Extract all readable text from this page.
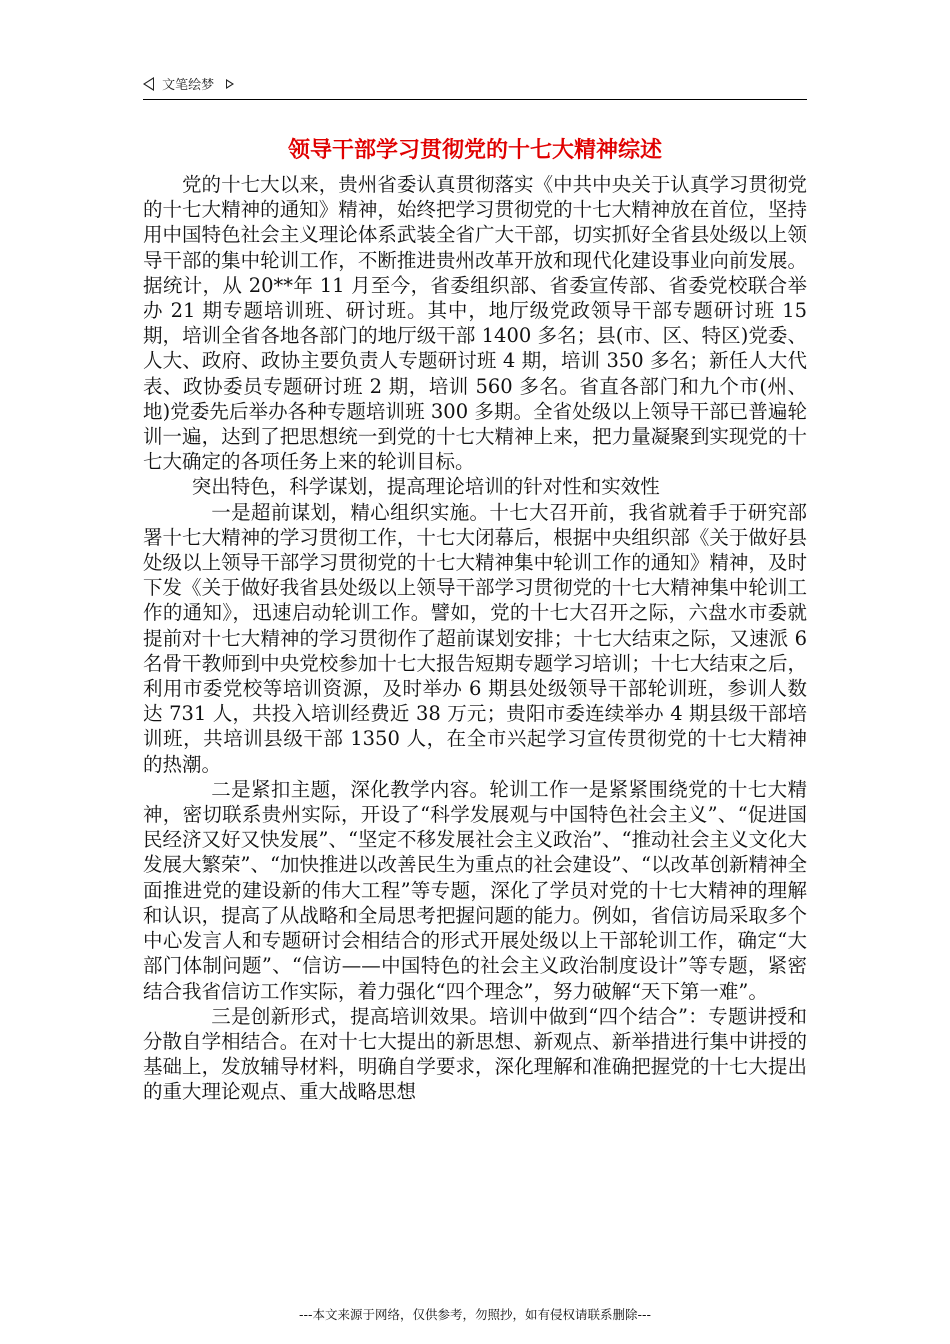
文笔绘梦
领导干部学习贯彻党的十七大精神综述

党的十七大以来，贵州省委认真贯彻落实《中共中央关于认真学习贯彻党的十七大精神的通知》精神，始终把学习贯彻党的十七大精神放在首位，坚持用中国特色社会主义理论体系武装全省广大干部，切实抓好全省县处级以上领导干部的集中轮训工作，不断推进贵州改革开放和现代化建设事业向前发展。据统计，从 20**年 11 月至今，省委组织部、省委宣传部、省委党校联合举办 21 期专题培训班、研讨班。其中，地厅级党政领导干部专题研讨班 15 期，培训全省各地各部门的地厅级干部 1400 多名；县(市、区、特区)党委、人大、政府、政协主要负责人专题研讨班 4 期，培训 350 多名；新任人大代表、政协委员专题研讨班 2 期，培训 560 多名。省直各部门和九个市(州、地)党委先后举办各种专题培训班 300 多期。全省处级以上领导干部已普遍轮训一遍，达到了把思想统一到党的十七大精神上来，把力量凝聚到实现党的十七大确定的各项任务上来的轮训目标。

突出特色，科学谋划，提高理论培训的针对性和实效性

一是超前谋划，精心组织实施。十七大召开前，我省就着手于研究部署十七大精神的学习贯彻工作，十七大闭幕后，根据中央组织部《关于做好县处级以上领导干部学习贯彻党的十七大精神集中轮训工作的通知》精神，及时下发《关于做好我省县处级以上领导干部学习贯彻党的十七大精神集中轮训工作的通知》，迅速启动轮训工作。譬如，党的十七大召开之际，六盘水市委就提前对十七大精神的学习贯彻作了超前谋划安排；十七大结束之际，又速派 6 名骨干教师到中央党校参加十七大报告短期专题学习培训；十七大结束之后，利用市委党校等培训资源，及时举办 6 期县处级领导干部轮训班，参训人数达 731 人，共投入培训经费近 38 万元；贵阳市委连续举办 4 期县级干部培训班，共培训县级干部 1350 人，在全市兴起学习宣传贯彻党的十七大精神的热潮。

二是紧扣主题，深化教学内容。轮训工作一是紧紧围绕党的十七大精神，密切联系贵州实际，开设了“科学发展观与中国特色社会主义”、“促进国民经济又好又快发展”、“坚定不移发展社会主义政治”、“推动社会主义文化大发展大繁荣”、“加快推进以改善民生为重点的社会建设”、“以改革创新精神全面推进党的建设新的伟大工程”等专题，深化了学员对党的十七大精神的理解和认识，提高了从战略和全局思考把握问题的能力。例如，省信访局采取多个中心发言人和专题研讨会相结合的形式开展处级以上干部轮训工作，确定“大部门体制问题”、“信访——中国特色的社会主义政治制度设计”等专题，紧密结合我省信访工作实际，着力强化“四个理念”，努力破解“天下第一难”。

三是创新形式，提高培训效果。培训中做到“四个结合”：专题讲授和分散自学相结合。在对十七大提出的新思想、新观点、新举措进行集中讲授的基础上，发放辅导材料，明确自学要求，深化理解和准确把握党的十七大提出的重大理论观点、重大战略思想

---本文来源于网络，仅供参考，勿照抄，如有侵权请联系删除---
